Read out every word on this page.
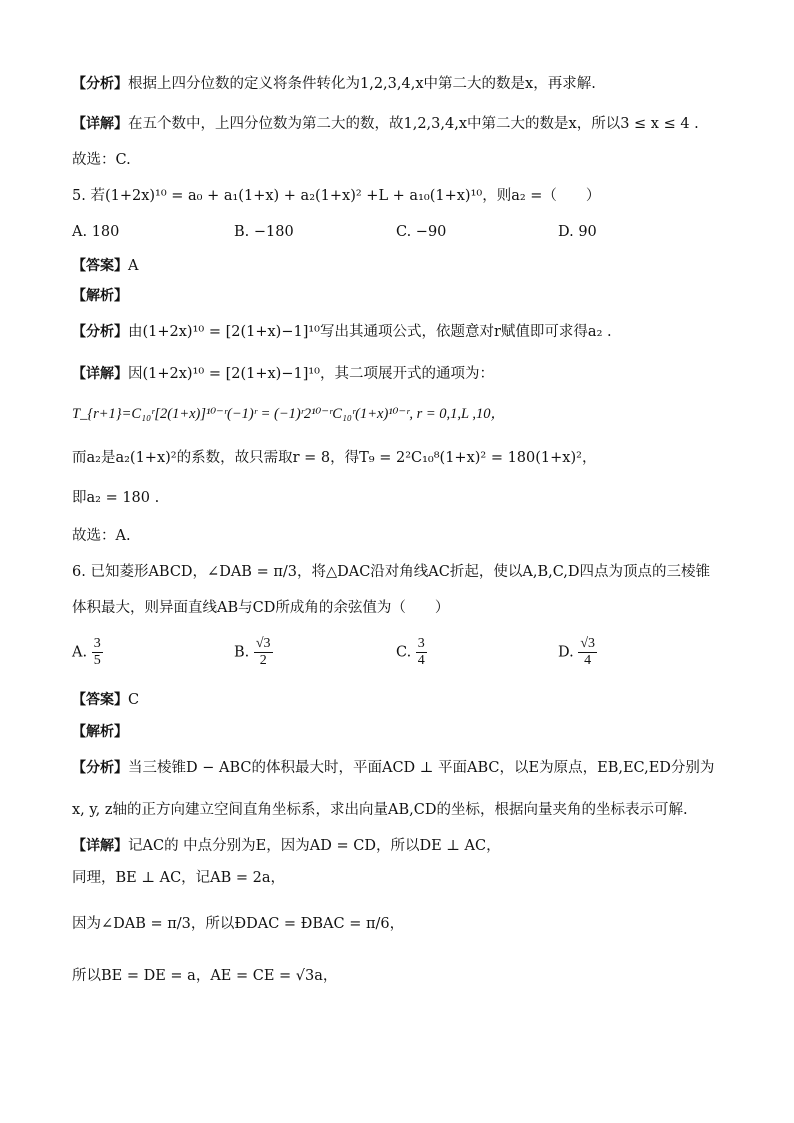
【分析】根据上四分位数的定义将条件转化为1,2,3,4,x中第二大的数是x，再求解.
【详解】在五个数中，上四分位数为第二大的数，故1,2,3,4,x中第二大的数是x，所以3 ≤ x ≤ 4 .
故选：C.
5. 若(1+2x)¹⁰ = a₀ + a₁(1+x) + a₂(1+x)² +L + a₁₀(1+x)¹⁰，则a₂ =（　　）
A. 180	B. −180	C. −90	D. 90
【答案】A
【解析】
【分析】由(1+2x)¹⁰ = [2(1+x)−1]¹⁰写出其通项公式，依题意对r赋值即可求得a₂ .
【详解】因(1+2x)¹⁰ = [2(1+x)−1]¹⁰，其二项展开式的通项为：
T_{r+1}=C₁₀ʳ[2(1+x)]¹⁰⁻ʳ(−1)ʳ = (−1)ʳ2¹⁰⁻ʳC₁₀ʳ(1+x)¹⁰⁻ʳ, r = 0,1,L ,10，
而a₂是a₂(1+x)²的系数，故只需取r = 8，得T₉ = 2²C₁₀⁸(1+x)² = 180(1+x)²，
即a₂ = 180 .
故选：A.
6. 已知菱形ABCD，∠DAB = π/3，将△DAC沿对角线AC折起，使以A,B,C,D四点为顶点的三棱锥
体积最大，则异面直线AB与CD所成角的余弦值为（　　）
A. $\frac{3}{5}$	B. $\frac{√3}{2}$	C. $\frac{3}{4}$	D. $\frac{√3}{4}$
【答案】C
【解析】
【分析】当三棱锥D − ABC的体积最大时，平面ACD ⊥ 平面ABC，以E为原点，EB,EC,ED分别为
x, y, z轴的正方向建立空间直角坐标系，求出向量AB,CD的坐标，根据向量夹角的坐标表示可解.
【详解】记AC的 中点分别为E，因为AD = CD，所以DE ⊥ AC，
同理，BE ⊥ AC，记AB = 2a，
因为∠DAB = π/3，所以ÐDAC = ÐBAC = π/6，
所以BE = DE = a，AE = CE = √3a，
